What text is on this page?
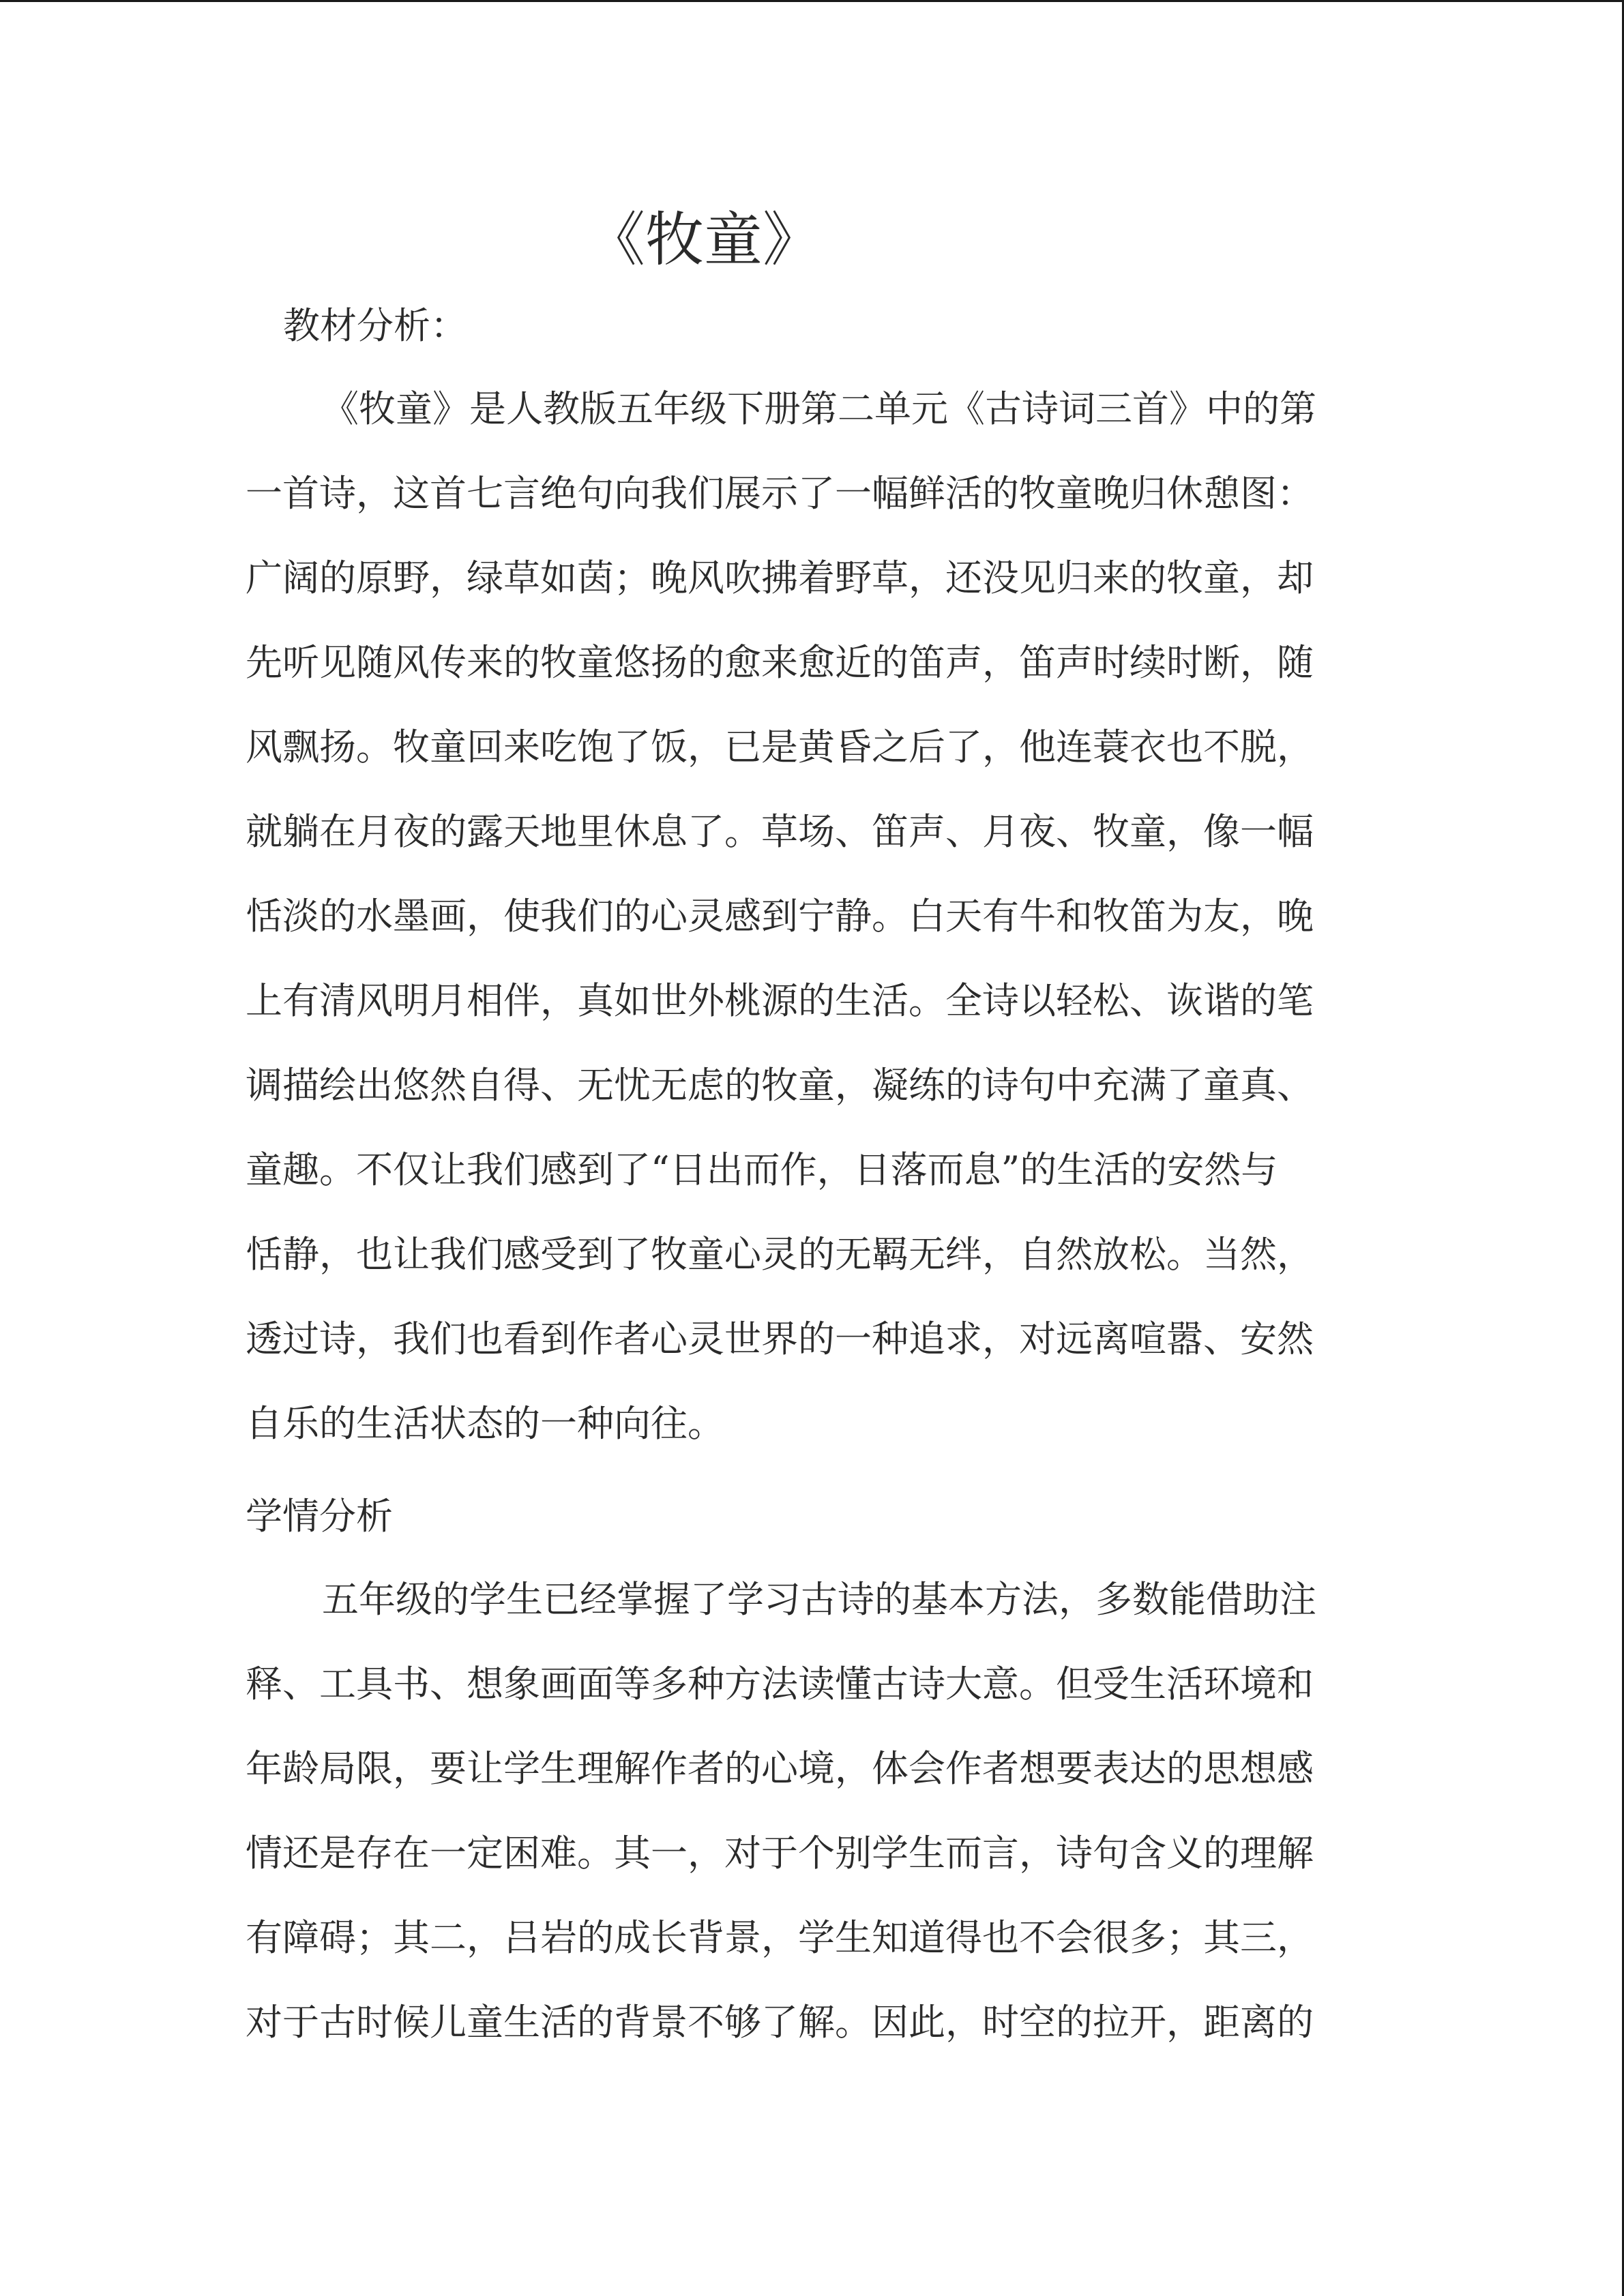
《牧童》
教材分析：
《牧童》是人教版五年级下册第二单元《古诗词三首》中的第
一首诗，这首七言绝句向我们展示了一幅鲜活的牧童晚归休憩图：
广阔的原野，绿草如茵；晚风吹拂着野草，还没见归来的牧童，却
先听见随风传来的牧童悠扬的愈来愈近的笛声，笛声时续时断，随
风飘扬。牧童回来吃饱了饭，已是黄昏之后了，他连蓑衣也不脱，
就躺在月夜的露天地里休息了。草场、笛声、月夜、牧童，像一幅
恬淡的水墨画，使我们的心灵感到宁静。白天有牛和牧笛为友，晚
上有清风明月相伴，真如世外桃源的生活。全诗以轻松、诙谐的笔
调描绘出悠然自得、无忧无虑的牧童，凝练的诗句中充满了童真、
童趣。不仅让我们感到了“日出而作，日落而息”的生活的安然与
恬静，也让我们感受到了牧童心灵的无羁无绊，自然放松。当然，
透过诗，我们也看到作者心灵世界的一种追求，对远离喧嚣、安然
自乐的生活状态的一种向往。
学情分析
五年级的学生已经掌握了学习古诗的基本方法，多数能借助注
释、工具书、想象画面等多种方法读懂古诗大意。但受生活环境和
年龄局限，要让学生理解作者的心境，体会作者想要表达的思想感
情还是存在一定困难。其一，对于个别学生而言，诗句含义的理解
有障碍；其二，吕岩的成长背景，学生知道得也不会很多；其三，
对于古时候儿童生活的背景不够了解。因此，时空的拉开，距离的
